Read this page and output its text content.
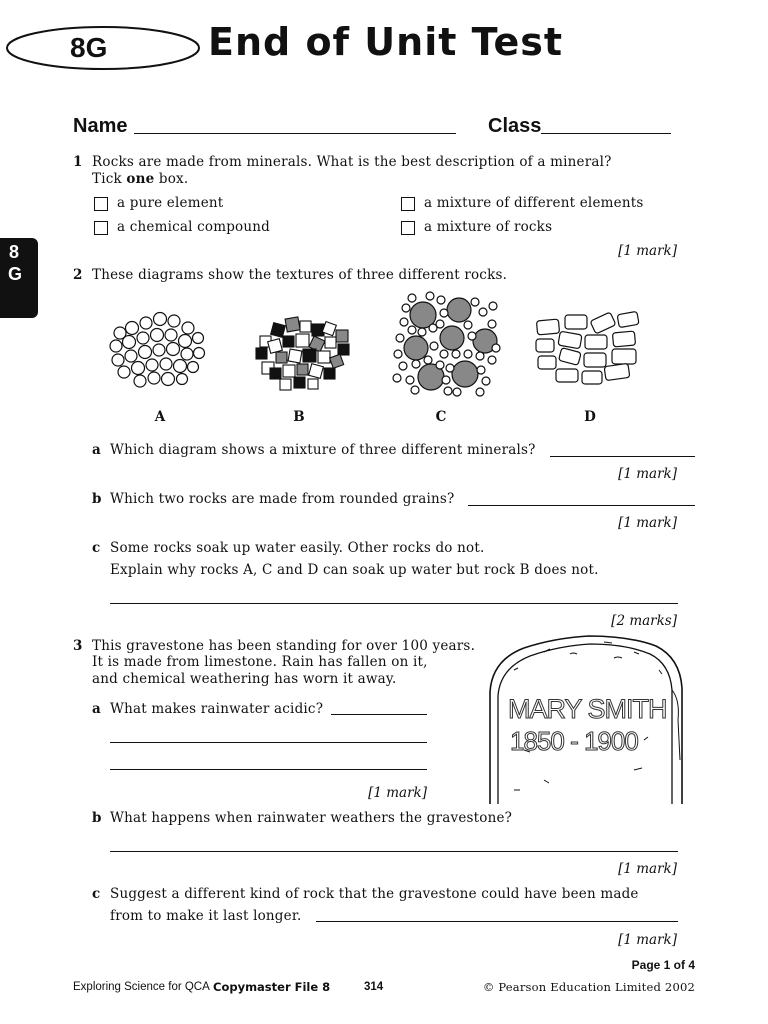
8G	End of Unit Test
8
G
Name	Class
1 Rocks are made from minerals. What is the best description of a mineral?
Tick one box.
a pure element	a mixture of different elements
a chemical compound	a mixture of rocks
[1 mark]
2 These diagrams show the textures of three different rocks.
A	B	C	D
a Which diagram shows a mixture of three different minerals?
[1 mark]
b Which two rocks are made from rounded grains?
[1 mark]
c Some rocks soak up water easily. Other rocks do not.
Explain why rocks A, C and D can soak up water but rock B does not.
[2 marks]
3 This gravestone has been standing for over 100 years.
It is made from limestone. Rain has fallen on it,
and chemical weathering has worn it away.
MARY SMITH
1850 - 1900
a What makes rainwater acidic?
[1 mark]
b What happens when rainwater weathers the gravestone?
[1 mark]
c Suggest a different kind of rock that the gravestone could have been made
from to make it last longer.
[1 mark]
Page 1 of 4
Exploring Science for QCA Copymaster File 8	314	© Pearson Education Limited 2002
